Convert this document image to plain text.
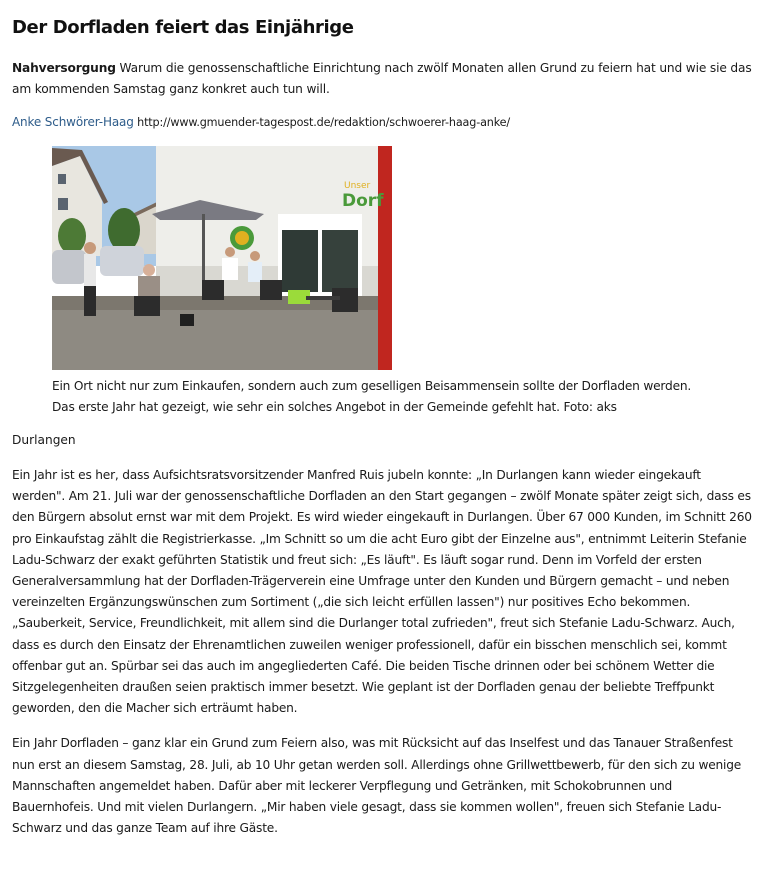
Der Dorfladen feiert das Einjährige

Nahversorgung Warum die genossenschaftliche Einrichtung nach zwölf Monaten allen Grund zu feiern hat und wie sie das am kommenden Samstag ganz konkret auch tun will.

Anke Schwörer-Haag http://www.gmuender-tagespost.de/redaktion/schwoerer-haag-anke/

Unser
Dorf
Ein Ort nicht nur zum Einkaufen, sondern auch zum geselligen Beisammensein sollte der Dorfladen werden.
Das erste Jahr hat gezeigt, wie sehr ein solches Angebot in der Gemeinde gefehlt hat. Foto: aks

Durlangen

Ein Jahr ist es her, dass Aufsichtsratsvorsitzender Manfred Ruis jubeln konnte: „In Durlangen kann wieder eingekauft werden". Am 21. Juli war der genossenschaftliche Dorfladen an den Start gegangen – zwölf Monate später zeigt sich, dass es den Bürgern absolut ernst war mit dem Projekt. Es wird wieder eingekauft in Durlangen. Über 67 000 Kunden, im Schnitt 260 pro Einkaufstag zählt die Registrierkasse. „Im Schnitt so um die acht Euro gibt der Einzelne aus", entnimmt Leiterin Stefanie Ladu-Schwarz der exakt geführten Statistik und freut sich: „Es läuft". Es läuft sogar rund. Denn im Vorfeld der ersten Generalversammlung hat der Dorfladen-Trägerverein eine Umfrage unter den Kunden und Bürgern gemacht – und neben vereinzelten Ergänzungswünschen zum Sortiment („die sich leicht erfüllen lassen") nur positives Echo bekommen. „Sauberkeit, Service, Freundlichkeit, mit allem sind die Durlanger total zufrieden", freut sich Stefanie Ladu-Schwarz. Auch, dass es durch den Einsatz der Ehrenamtlichen zuweilen weniger professionell, dafür ein bisschen menschlich sei, kommt offenbar gut an. Spürbar sei das auch im angegliederten Café. Die beiden Tische drinnen oder bei schönem Wetter die Sitzgelegenheiten draußen seien praktisch immer besetzt. Wie geplant ist der Dorfladen genau der beliebte Treffpunkt geworden, den die Macher sich erträumt haben.

Ein Jahr Dorfladen – ganz klar ein Grund zum Feiern also, was mit Rücksicht auf das Inselfest und das Tanauer Straßenfest nun erst an diesem Samstag, 28. Juli, ab 10 Uhr getan werden soll. Allerdings ohne Grillwettbewerb, für den sich zu wenige Mannschaften angemeldet haben. Dafür aber mit leckerer Verpflegung und Getränken, mit Schokobrunnen und Bauernhofeis. Und mit vielen Durlangern. „Mir haben viele gesagt, dass sie kommen wollen", freuen sich Stefanie Ladu-Schwarz und das ganze Team auf ihre Gäste.
